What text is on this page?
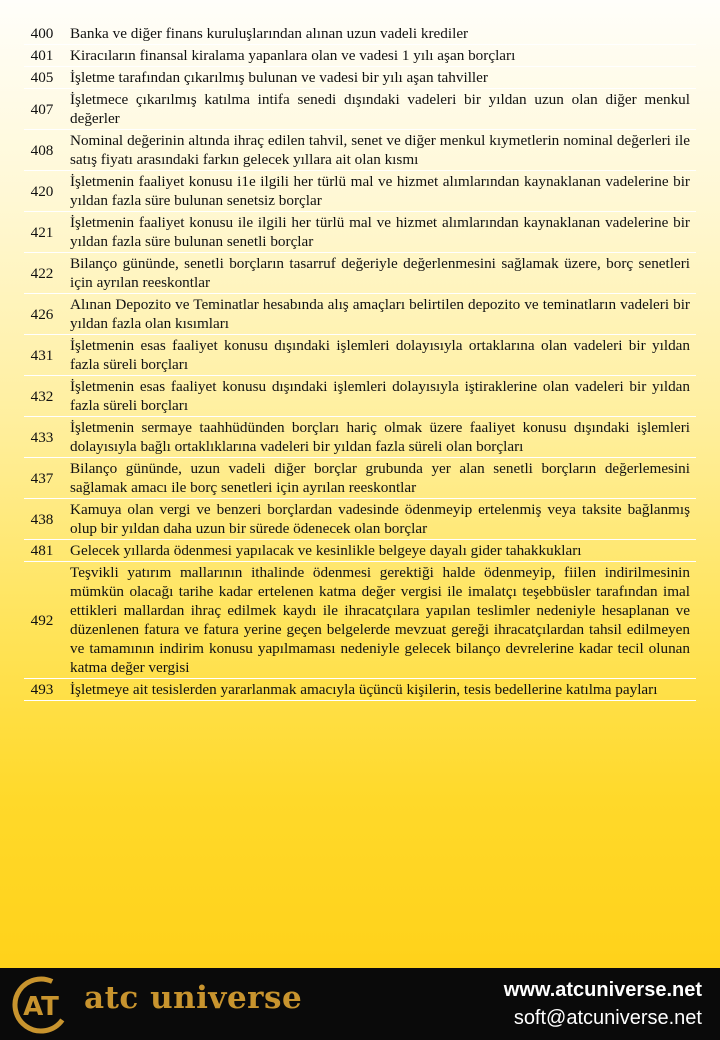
400	Banka ve diğer finans kuruluşlarından alınan uzun vadeli krediler
401	Kiracıların finansal kiralama yapanlara olan ve vadesi 1 yılı aşan borçları
405	İşletme tarafından çıkarılmış bulunan ve vadesi bir yılı aşan tahviller
407	İşletmece çıkarılmış katılma intifa senedi dışındaki vadeleri bir yıldan uzun olan diğer menkul değerler
408	Nominal değerinin altında ihraç edilen tahvil, senet ve diğer menkul kıymetlerin nominal değerleri ile satış fiyatı arasındaki farkın gelecek yıllara ait olan kısmı
420	İşletmenin faaliyet konusu i1e ilgili her türlü mal ve hizmet alımlarından kaynaklanan vadelerine bir yıldan fazla süre bulunan senetsiz borçlar
421	İşletmenin faaliyet konusu ile ilgili her türlü mal ve hizmet alımlarından kaynaklanan vadelerine bir yıldan fazla süre bulunan senetli borçlar
422	Bilanço gününde, senetli borçların tasarruf değeriyle değerlenmesini sağlamak üzere, borç senetleri için ayrılan reeskontlar
426	Alınan Depozito ve Teminatlar hesabında alış amaçları belirtilen depozito ve teminatların vadeleri bir yıldan fazla olan kısımları
431	İşletmenin esas faaliyet konusu dışındaki işlemleri dolayısıyla ortaklarına olan vadeleri bir yıldan fazla süreli borçları
432	İşletmenin esas faaliyet konusu dışındaki işlemleri dolayısıyla iştiraklerine olan vadeleri bir yıldan fazla süreli borçları
433	İşletmenin sermaye taahhüdünden borçları hariç olmak üzere faaliyet konusu dışındaki işlemleri dolayısıyla bağlı ortaklıklarına vadeleri bir yıldan fazla süreli olan borçları
437	Bilanço gününde, uzun vadeli diğer borçlar grubunda yer alan senetli borçların değerlemesini sağlamak amacı ile borç senetleri için ayrılan reeskontlar
438	Kamuya olan vergi ve benzeri borçlardan vadesinde ödenmeyip ertelenmiş veya taksite bağlanmış olup bir yıldan daha uzun bir sürede ödenecek olan borçlar
481	Gelecek yıllarda ödenmesi yapılacak ve kesinlikle belgeye dayalı gider tahakkukları
492	Teşvikli yatırım mallarının ithalinde ödenmesi gerektiği halde ödenmeyip, fiilen indirilmesinin mümkün olacağı tarihe kadar ertelenen katma değer vergisi ile imalatçı teşebbüsler tarafından imal ettikleri mallardan ihraç edilmek kaydı ile ihracatçılara yapılan teslimler nedeniyle hesaplanan ve düzenlenen fatura ve fatura yerine geçen belgelerde mevzuat gereği ihracatçılardan tahsil edilmeyen ve tamamının indirim konusu yapılmaması nedeniyle gelecek bilanço devrelerine kadar tecil olunan katma değer vergisi
493	İşletmeye ait tesislerden yararlanmak amacıyla üçüncü kişilerin, tesis bedellerine katılma payları
AT atc universe	www.atcuniverse.net
soft@atcuniverse.net
